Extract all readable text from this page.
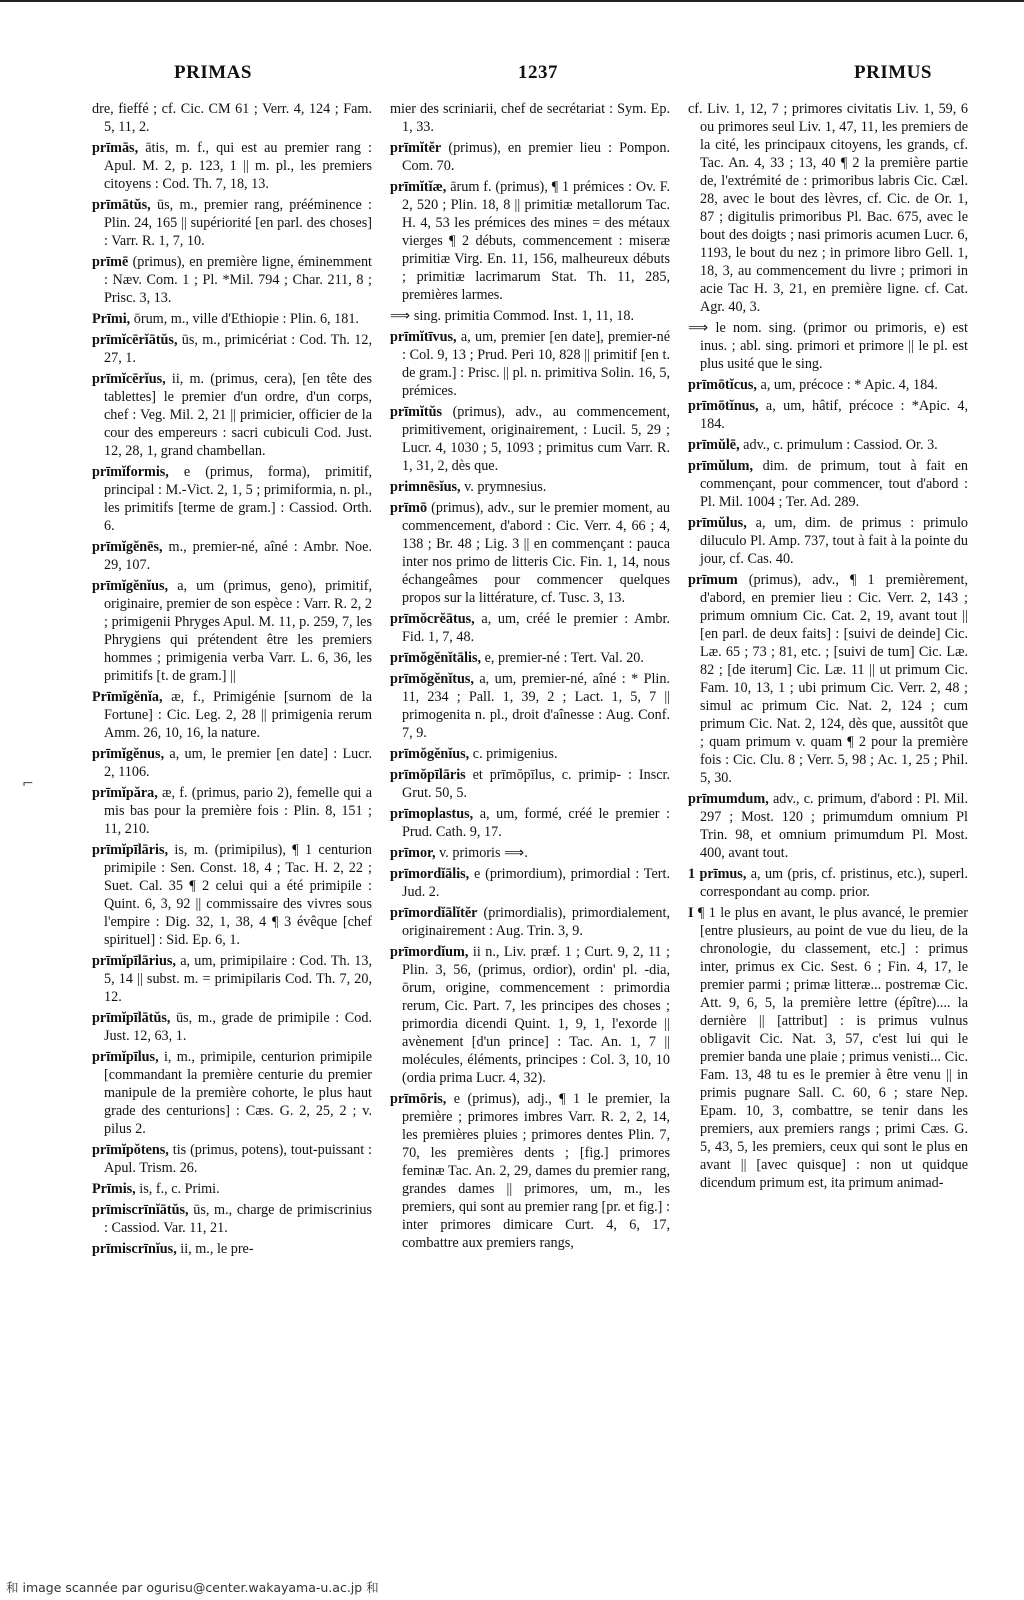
PRIMAS	1237	PRIMUS
⌐

dre, fieffé ; cf. Cic. CM 61 ; Verr. 4, 124 ; Fam. 5, 11, 2.

prīmās, ātis, m. f., qui est au premier rang : Apul. M. 2, p. 123, 1 || m. pl., les premiers citoyens : Cod. Th. 7, 18, 13.

prīmātŭs, ūs, m., premier rang, prééminence : Plin. 24, 165 || supériorité [en parl. des choses] : Varr. R. 1, 7, 10.

prīmē (primus), en première ligne, éminemment : Næv. Com. 1 ; Pl. *Mil. 794 ; Char. 211, 8 ; Prisc. 3, 13.

Prīmi, ōrum, m., ville d'Ethiopie : Plin. 6, 181.

prīmĭcērĭātŭs, ūs, m., primicériat : Cod. Th. 12, 27, 1.

prīmĭcērĭus, ii, m. (primus, cera), [en tête des tablettes] le premier d'un ordre, d'un corps, chef : Veg. Mil. 2, 21 || primicier, officier de la cour des empereurs : sacri cubiculi Cod. Just. 12, 28, 1, grand chambellan.

prīmĭformis, e (primus, forma), primitif, principal : M.-Vict. 2, 1, 5 ; primiformia, n. pl., les primitifs [terme de gram.] : Cassiod. Orth. 6.

prīmĭgĕnēs, m., premier-né, aîné : Ambr. Noe. 29, 107.

prīmĭgĕnĭus, a, um (primus, geno), primitif, originaire, premier de son espèce : Varr. R. 2, 2 ; primigenii Phryges Apul. M. 11, p. 259, 7, les Phrygiens qui prétendent être les premiers hommes ; primigenia verba Varr. L. 6, 36, les primitifs [t. de gram.] ||

Prīmĭgĕnĭa, æ, f., Primigénie [surnom de la Fortune] : Cic. Leg. 2, 28 || primigenia rerum Amm. 26, 10, 16, la nature.

prīmĭgĕnus, a, um, le premier [en date] : Lucr. 2, 1106.

prīmĭpăra, æ, f. (primus, pario 2), femelle qui a mis bas pour la première fois : Plin. 8, 151 ; 11, 210.

prīmĭpīlāris, is, m. (primipilus), ¶ 1 centurion primipile : Sen. Const. 18, 4 ; Tac. H. 2, 22 ; Suet. Cal. 35 ¶ 2 celui qui a été primipile : Quint. 6, 3, 92 || commissaire des vivres sous l'empire : Dig. 32, 1, 38, 4 ¶ 3 évêque [chef spirituel] : Sid. Ep. 6, 1.

prīmĭpīlārius, a, um, primipilaire : Cod. Th. 13, 5, 14 || subst. m. = primipilaris Cod. Th. 7, 20, 12.

prīmĭpīlātŭs, ūs, m., grade de primipile : Cod. Just. 12, 63, 1.

prīmĭpīlus, i, m., primipile, centurion primipile [commandant la première centurie du premier manipule de la première cohorte, le plus haut grade des centurions] : Cæs. G. 2, 25, 2 ; v. pilus 2.

prīmĭpŏtens, tis (primus, potens), tout-puissant : Apul. Trism. 26.

Prīmis, is, f., c. Primi.

prīmiscrīnĭātŭs, ūs, m., charge de primiscrinius : Cassiod. Var. 11, 21.

prīmiscrīnĭus, ii, m., le pre-

mier des scriniarii, chef de secrétariat : Sym. Ep. 1, 33.

prīmĭtĕr (primus), en premier lieu : Pompon. Com. 70.

prīmĭtĭæ, ārum f. (primus), ¶ 1 prémices : Ov. F. 2, 520 ; Plin. 18, 8 || primitiæ metallorum Tac. H. 4, 53 les prémices des mines = des métaux vierges ¶ 2 débuts, commencement : miseræ primitiæ Virg. En. 11, 156, malheureux débuts ; primitiæ lacrimarum Stat. Th. 11, 285, premières larmes.

⟹ sing. primitia Commod. Inst. 1, 11, 18.

prīmĭtīvus, a, um, premier [en date], premier-né : Col. 9, 13 ; Prud. Peri 10, 828 || primitif [en t. de gram.] : Prisc. || pl. n. primitiva Solin. 16, 5, prémices.

prīmĭtŭs (primus), adv., au commencement, primitivement, originairement, : Lucil. 5, 29 ; Lucr. 4, 1030 ; 5, 1093 ; primitus cum Varr. R. 1, 31, 2, dès que.

primnēsĭus, v. prymnesius.

prīmō (primus), adv., sur le premier moment, au commencement, d'abord : Cic. Verr. 4, 66 ; 4, 138 ; Br. 48 ; Lig. 3 || en commençant : pauca inter nos primo de litteris Cic. Fin. 1, 14, nous échangeâmes pour commencer quelques propos sur la littérature, cf. Tusc. 3, 13.

prīmŏcrĕātus, a, um, créé le premier : Ambr. Fid. 1, 7, 48.

prīmŏgĕnĭtālis, e, premier-né : Tert. Val. 20.

prīmŏgĕnĭtus, a, um, premier-né, aîné : * Plin. 11, 234 ; Pall. 1, 39, 2 ; Lact. 1, 5, 7 || primogenita n. pl., droit d'aînesse : Aug. Conf. 7, 9.

prīmŏgĕnĭus, c. primigenius.

prīmŏpīlāris et prīmŏpīlus, c. primip- : Inscr. Grut. 50, 5.

prīmoplastus, a, um, formé, créé le premier : Prud. Cath. 9, 17.

prīmor, v. primoris ⟹.

prīmordĭālis, e (primordium), primordial : Tert. Jud. 2.

prīmordĭālĭtĕr (primordialis), primordialement, originairement : Aug. Trin. 3, 9.

prīmordĭum, ii n., Liv. præf. 1 ; Curt. 9, 2, 11 ; Plin. 3, 56, (primus, ordior), ordin' pl. -dia, ōrum, origine, commencement : primordia rerum, Cic. Part. 7, les principes des choses ; primordia dicendi Quint. 1, 9, 1, l'exorde || avènement [d'un prince] : Tac. An. 1, 7 || molécules, éléments, principes : Col. 3, 10, 10 (ordia prima Lucr. 4, 32).

prīmōris, e (primus), adj., ¶ 1 le premier, la première ; primores imbres Varr. R. 2, 2, 14, les premières pluies ; primores dentes Plin. 7, 70, les premières dents ; [fig.] primores feminæ Tac. An. 2, 29, dames du premier rang, grandes dames || primores, um, m., les premiers, qui sont au premier rang [pr. et fig.] : inter primores dimicare Curt. 4, 6, 17, combattre aux premiers rangs,

cf. Liv. 1, 12, 7 ; primores civitatis Liv. 1, 59, 6 ou primores seul Liv. 1, 47, 11, les premiers de la cité, les principaux citoyens, les grands, cf. Tac. An. 4, 33 ; 13, 40 ¶ 2 la première partie de, l'extrémité de : primoribus labris Cic. Cæl. 28, avec le bout des lèvres, cf. Cic. de Or. 1, 87 ; digitulis primoribus Pl. Bac. 675, avec le bout des doigts ; nasi primoris acumen Lucr. 6, 1193, le bout du nez ; in primore libro Gell. 1, 18, 3, au commencement du livre ; primori in acie Tac H. 3, 21, en première ligne. cf. Cat. Agr. 40, 3.

⟹ le nom. sing. (primor ou primoris, e) est inus. ; abl. sing. primori et primore || le pl. est plus usité que le sing.

prīmōtĭcus, a, um, précoce : * Apic. 4, 184.

prīmōtĭnus, a, um, hâtif, précoce : *Apic. 4, 184.

prīmŭlē, adv., c. primulum : Cassiod. Or. 3.

prīmŭlum, dim. de primum, tout à fait en commençant, pour commencer, tout d'abord : Pl. Mil. 1004 ; Ter. Ad. 289.

prīmŭlus, a, um, dim. de primus : primulo diluculo Pl. Amp. 737, tout à fait à la pointe du jour, cf. Cas. 40.

prīmum (primus), adv., ¶ 1 premièrement, d'abord, en premier lieu : Cic. Verr. 2, 143 ; primum omnium Cic. Cat. 2, 19, avant tout || [en parl. de deux faits] : [suivi de deinde] Cic. Læ. 65 ; 73 ; 81, etc. ; [suivi de tum] Cic. Læ. 82 ; [de iterum] Cic. Læ. 11 || ut primum Cic. Fam. 10, 13, 1 ; ubi primum Cic. Verr. 2, 48 ; simul ac primum Cic. Nat. 2, 124 ; cum primum Cic. Nat. 2, 124, dès que, aussitôt que ; quam primum v. quam ¶ 2 pour la première fois : Cic. Clu. 8 ; Verr. 5, 98 ; Ac. 1, 25 ; Phil. 5, 30.

prīmumdum, adv., c. primum, d'abord : Pl. Mil. 297 ; Most. 120 ; primumdum omnium Pl Trin. 98, et omnium primumdum Pl. Most. 400, avant tout.

1 prīmus, a, um (pris, cf. pristinus, etc.), superl. correspondant au comp. prior.

I ¶ 1 le plus en avant, le plus avancé, le premier [entre plusieurs, au point de vue du lieu, de la chronologie, du classement, etc.] : primus inter, primus ex Cic. Sest. 6 ; Fin. 4, 17, le premier parmi ; primæ litteræ... postremæ Cic. Att. 9, 6, 5, la première lettre (épître).... la dernière || [attribut] : is primus vulnus obligavit Cic. Nat. 3, 57, c'est lui qui le premier banda une plaie ; primus venisti... Cic. Fam. 13, 48 tu es le premier à être venu || in primis pugnare Sall. C. 60, 6 ; stare Nep. Epam. 10, 3, combattre, se tenir dans les premiers, aux premiers rangs ; primi Cæs. G. 5, 43, 5, les premiers, ceux qui sont le plus en avant || [avec quisque] : non ut quidque dicendum primum est, ita primum animad-

和 image scannée par ogurisu@center.wakayama-u.ac.jp 和
